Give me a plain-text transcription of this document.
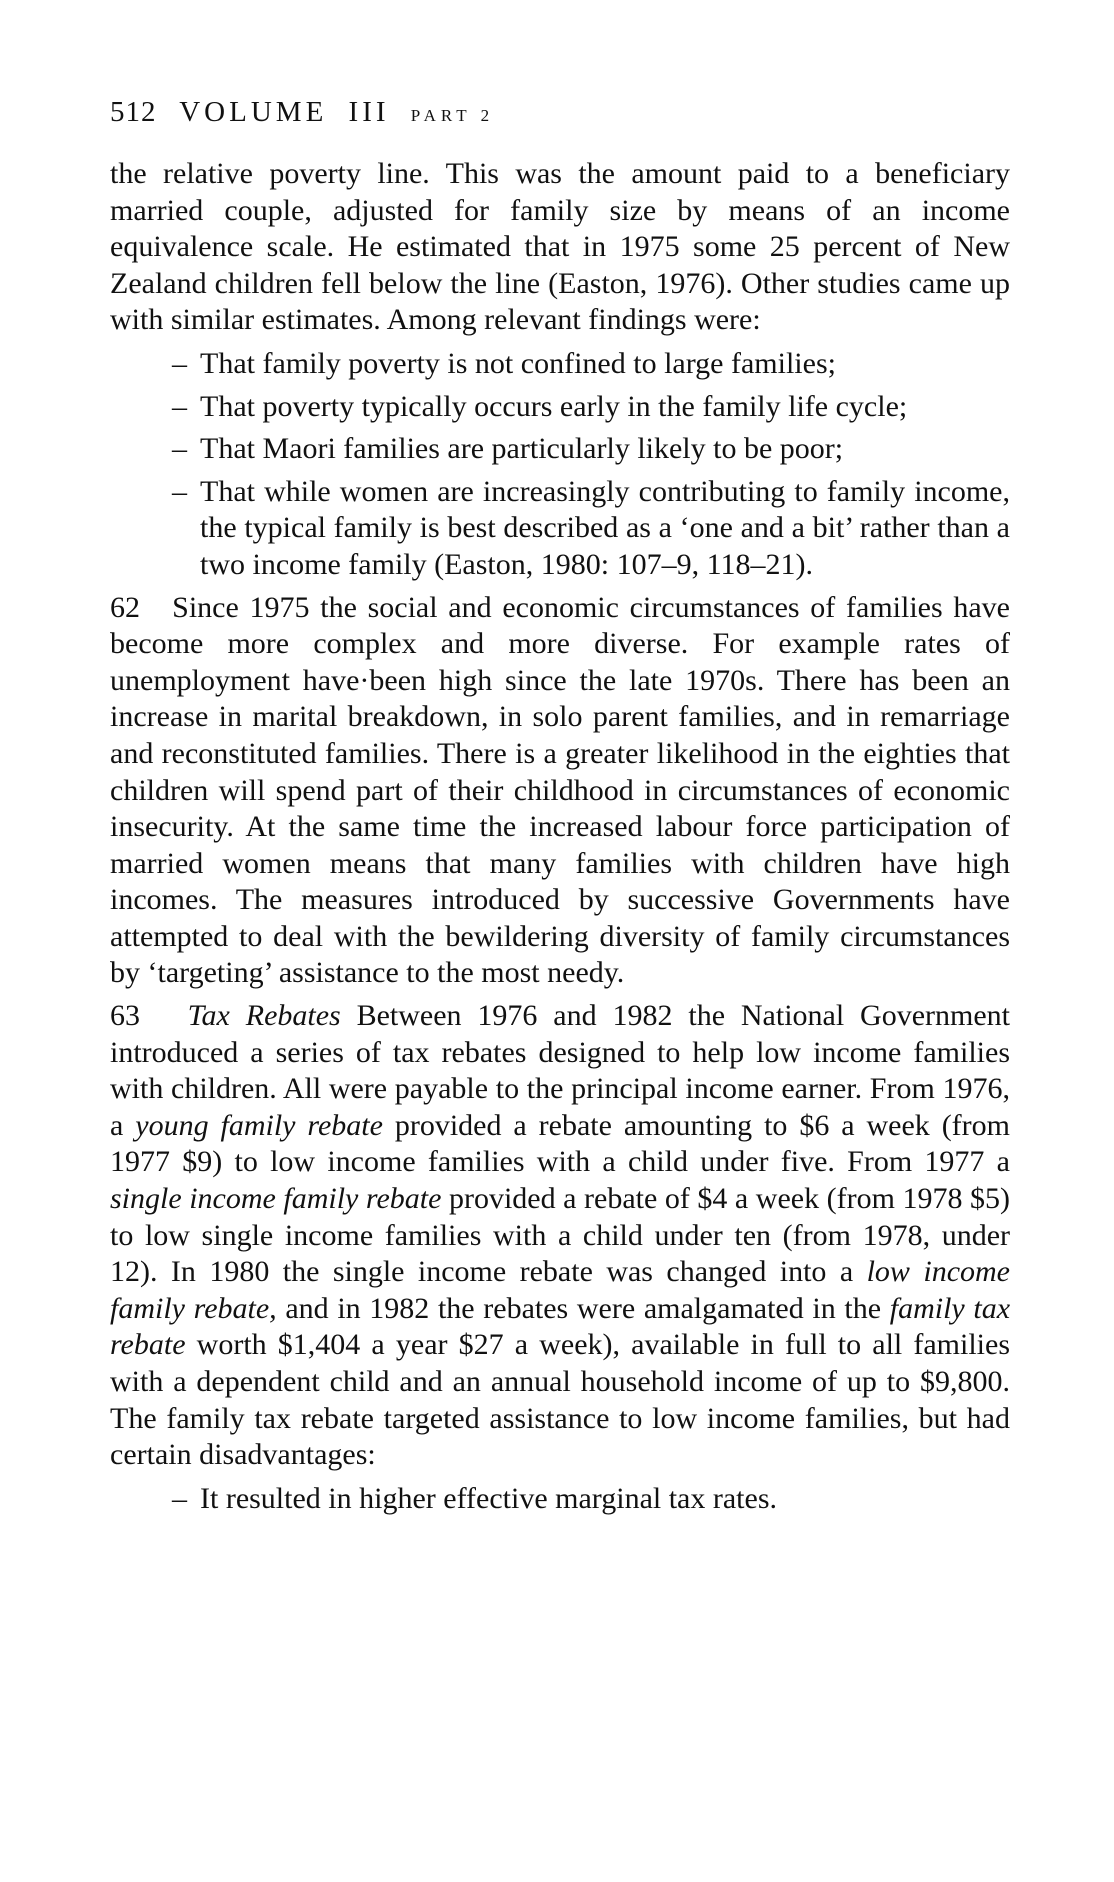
512 VOLUME III PART 2

the relative poverty line. This was the amount paid to a beneficiary married couple, adjusted for family size by means of an income equivalence scale. He estimated that in 1975 some 25 percent of New Zealand children fell below the line (Easton, 1976). Other studies came up with similar estimates. Among relevant findings were:

– That family poverty is not confined to large families;
– That poverty typically occurs early in the family life cycle;
– That Maori families are particularly likely to be poor;
– That while women are increasingly contributing to family income, the typical family is best described as a ‘one and a bit’ rather than a two income family (Easton, 1980: 107–9, 118–21).

62 Since 1975 the social and economic circumstances of families have become more complex and more diverse. For example rates of unemployment have·been high since the late 1970s. There has been an increase in marital breakdown, in solo parent families, and in remarriage and reconstituted families. There is a greater likelihood in the eighties that children will spend part of their childhood in circumstances of economic insecurity. At the same time the increased labour force participation of married women means that many families with children have high incomes. The measures introduced by successive Governments have attempted to deal with the bewildering diversity of family circumstances by ‘targeting’ assistance to the most needy.

63 Tax Rebates Between 1976 and 1982 the National Government introduced a series of tax rebates designed to help low income families with children. All were payable to the principal income earner. From 1976, a young family rebate provided a rebate amounting to $6 a week (from 1977 $9) to low income families with a child under five. From 1977 a single income family rebate provided a rebate of $4 a week (from 1978 $5) to low single income families with a child under ten (from 1978, under 12). In 1980 the single income rebate was changed into a low income family rebate, and in 1982 the rebates were amalgamated in the family tax rebate worth $1,404 a year $27 a week), available in full to all families with a dependent child and an annual household income of up to $9,800. The family tax rebate targeted assistance to low income families, but had certain disadvantages:

– It resulted in higher effective marginal tax rates.
